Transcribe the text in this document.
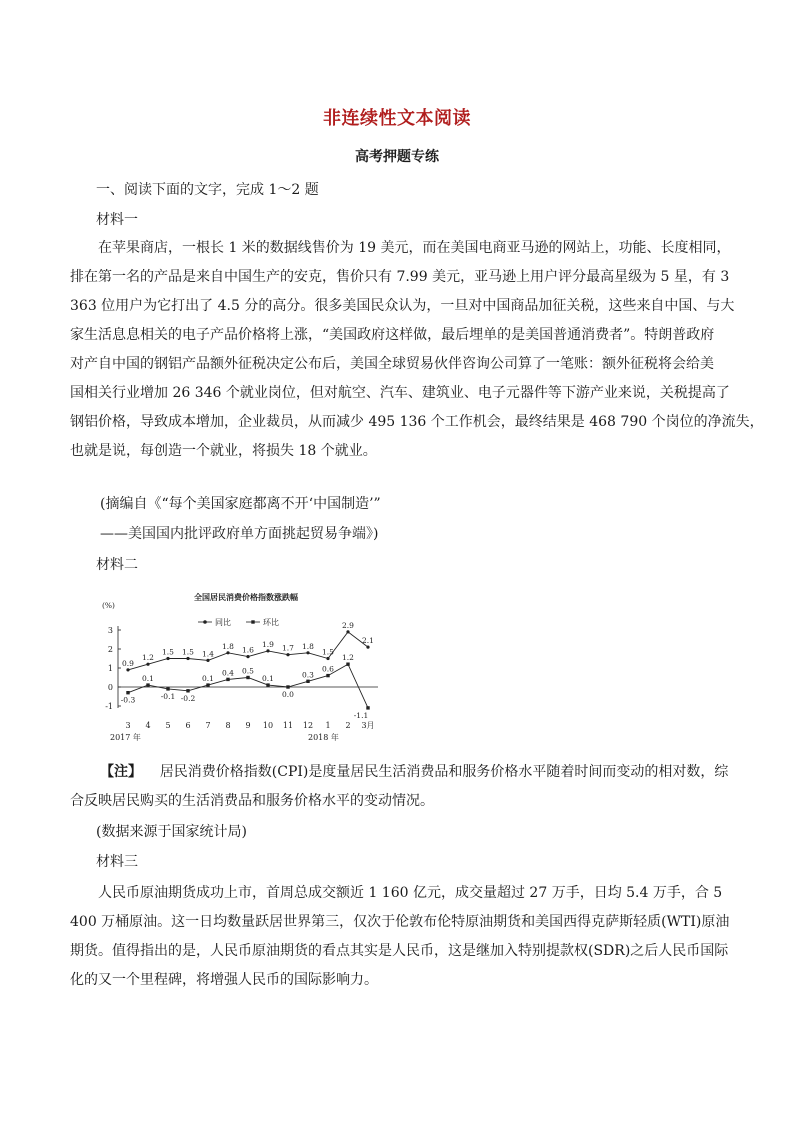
非连续性文本阅读
高考押题专练
一、阅读下面的文字，完成 1～2 题
材料一
在苹果商店，一根长 1 米的数据线售价为 19 美元，而在美国电商亚马逊的网站上，功能、长度相同，
排在第一名的产品是来自中国生产的安克，售价只有 7.99 美元，亚马逊上用户评分最高星级为 5 星，有 3
363 位用户为它打出了 4.5 分的高分。很多美国民众认为，一旦对中国商品加征关税，这些来自中国、与大
家生活息息相关的电子产品价格将上涨，“美国政府这样做，最后埋单的是美国普通消费者”。特朗普政府
对产自中国的钢铝产品额外征税决定公布后，美国全球贸易伙伴咨询公司算了一笔账：额外征税将会给美
国相关行业增加 26 346 个就业岗位，但对航空、汽车、建筑业、电子元器件等下游产业来说，关税提高了
钢铝价格，导致成本增加，企业裁员，从而减少 495 136 个工作机会，最终结果是 468 790 个岗位的净流失，
也就是说，每创造一个就业，将损失 18 个就业。
(摘编自《“每个美国家庭都离不开‘中国制造’”
——美国国内批评政府单方面挑起贸易争端》)
材料二
全国居民消费价格指数涨跌幅
(%)
3
2
1
0
-1
3 4 5 6 7 8 9 10 11 12 1 2 3月
2017 年	2018 年
同比	环比
0.9
1.2
1.5 1.5 1.4
1.8 1.6
1.9 1.7 1.8
1.5
2.9
2.1
-0.3
0.1
-0.1 -0.2
0.1
0.4 0.5
0.1
0.0
0.3
0.6
1.2
-1.1
【注】 居民消费价格指数(CPI)是度量居民生活消费品和服务价格水平随着时间而变动的相对数，综
合反映居民购买的生活消费品和服务价格水平的变动情况。
(数据来源于国家统计局)
材料三
人民币原油期货成功上市，首周总成交额近 1 160 亿元，成交量超过 27 万手，日均 5.4 万手，合 5
400 万桶原油。这一日均数量跃居世界第三，仅次于伦敦布伦特原油期货和美国西得克萨斯轻质(WTI)原油
期货。值得指出的是，人民币原油期货的看点其实是人民币，这是继加入特别提款权(SDR)之后人民币国际
化的又一个里程碑，将增强人民币的国际影响力。
